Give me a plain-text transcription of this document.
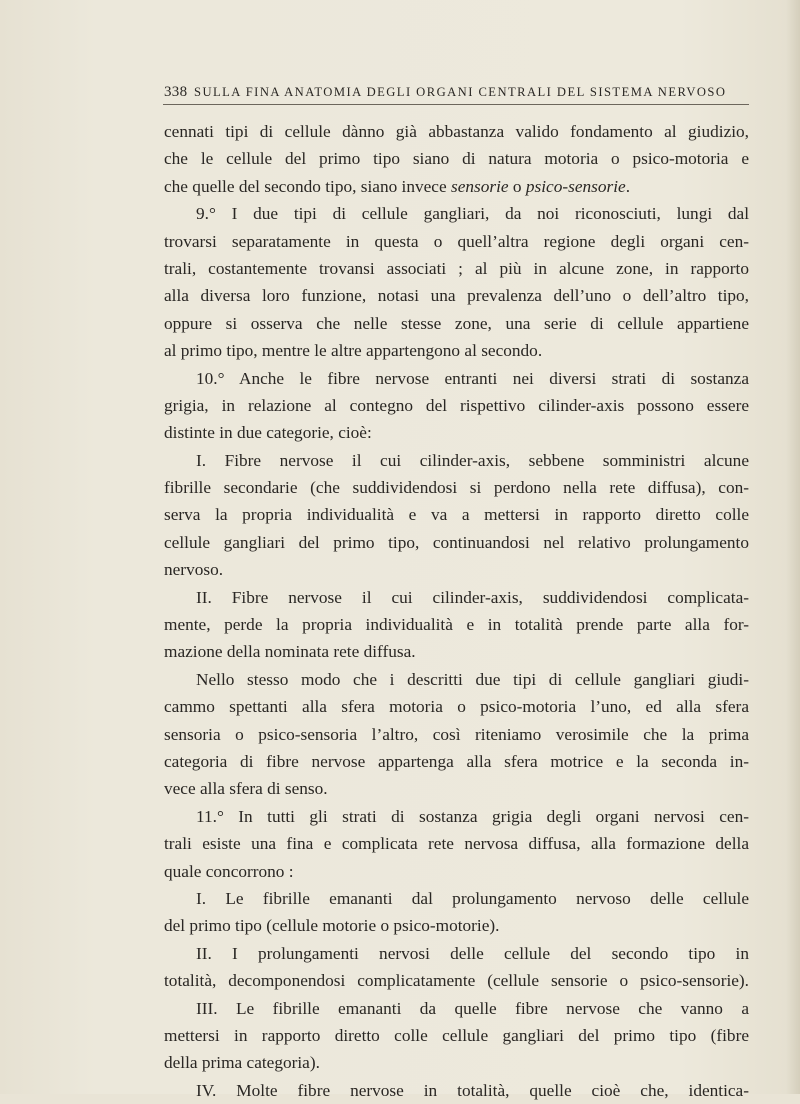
338 SULLA FINA ANATOMIA DEGLI ORGANI CENTRALI DEL SISTEMA NERVOSO
cennati tipi di cellule dànno già abbastanza valido fondamento al giudizio,
che le cellule del primo tipo siano di natura motoria o psico-motoria e
che quelle del secondo tipo, siano invece sensorie o psico-sensorie.
9.° I due tipi di cellule gangliari, da noi riconosciuti, lungi dal
trovarsi separatamente in questa o quell’altra regione degli organi cen-
trali, costantemente trovansi associati ; al più in alcune zone, in rapporto
alla diversa loro funzione, notasi una prevalenza dell’uno o dell’altro tipo,
oppure si osserva che nelle stesse zone, una serie di cellule appartiene
al primo tipo, mentre le altre appartengono al secondo.
10.° Anche le fibre nervose entranti nei diversi strati di sostanza
grigia, in relazione al contegno del rispettivo cilinder-axis possono essere
distinte in due categorie, cioè:
I. Fibre nervose il cui cilinder-axis, sebbene somministri alcune
fibrille secondarie (che suddividendosi si perdono nella rete diffusa), con-
serva la propria individualità e va a mettersi in rapporto diretto colle
cellule gangliari del primo tipo, continuandosi nel relativo prolungamento
nervoso.
II. Fibre nervose il cui cilinder-axis, suddividendosi complicata-
mente, perde la propria individualità e in totalità prende parte alla for-
mazione della nominata rete diffusa.
Nello stesso modo che i descritti due tipi di cellule gangliari giudi-
cammo spettanti alla sfera motoria o psico-motoria l’uno, ed alla sfera
sensoria o psico-sensoria l’altro, così riteniamo verosimile che la prima
categoria di fibre nervose appartenga alla sfera motrice e la seconda in-
vece alla sfera di senso.
11.° In tutti gli strati di sostanza grigia degli organi nervosi cen-
trali esiste una fina e complicata rete nervosa diffusa, alla formazione della
quale concorrono :
I. Le fibrille emananti dal prolungamento nervoso delle cellule
del primo tipo (cellule motorie o psico-motorie).
II. I prolungamenti nervosi delle cellule del secondo tipo in
totalità, decomponendosi complicatamente (cellule sensorie o psico-sensorie).
III. Le fibrille emananti da quelle fibre nervose che vanno a
mettersi in rapporto diretto colle cellule gangliari del primo tipo (fibre
della prima categoria).
IV. Molte fibre nervose in totalità, quelle cioè che, identica-
